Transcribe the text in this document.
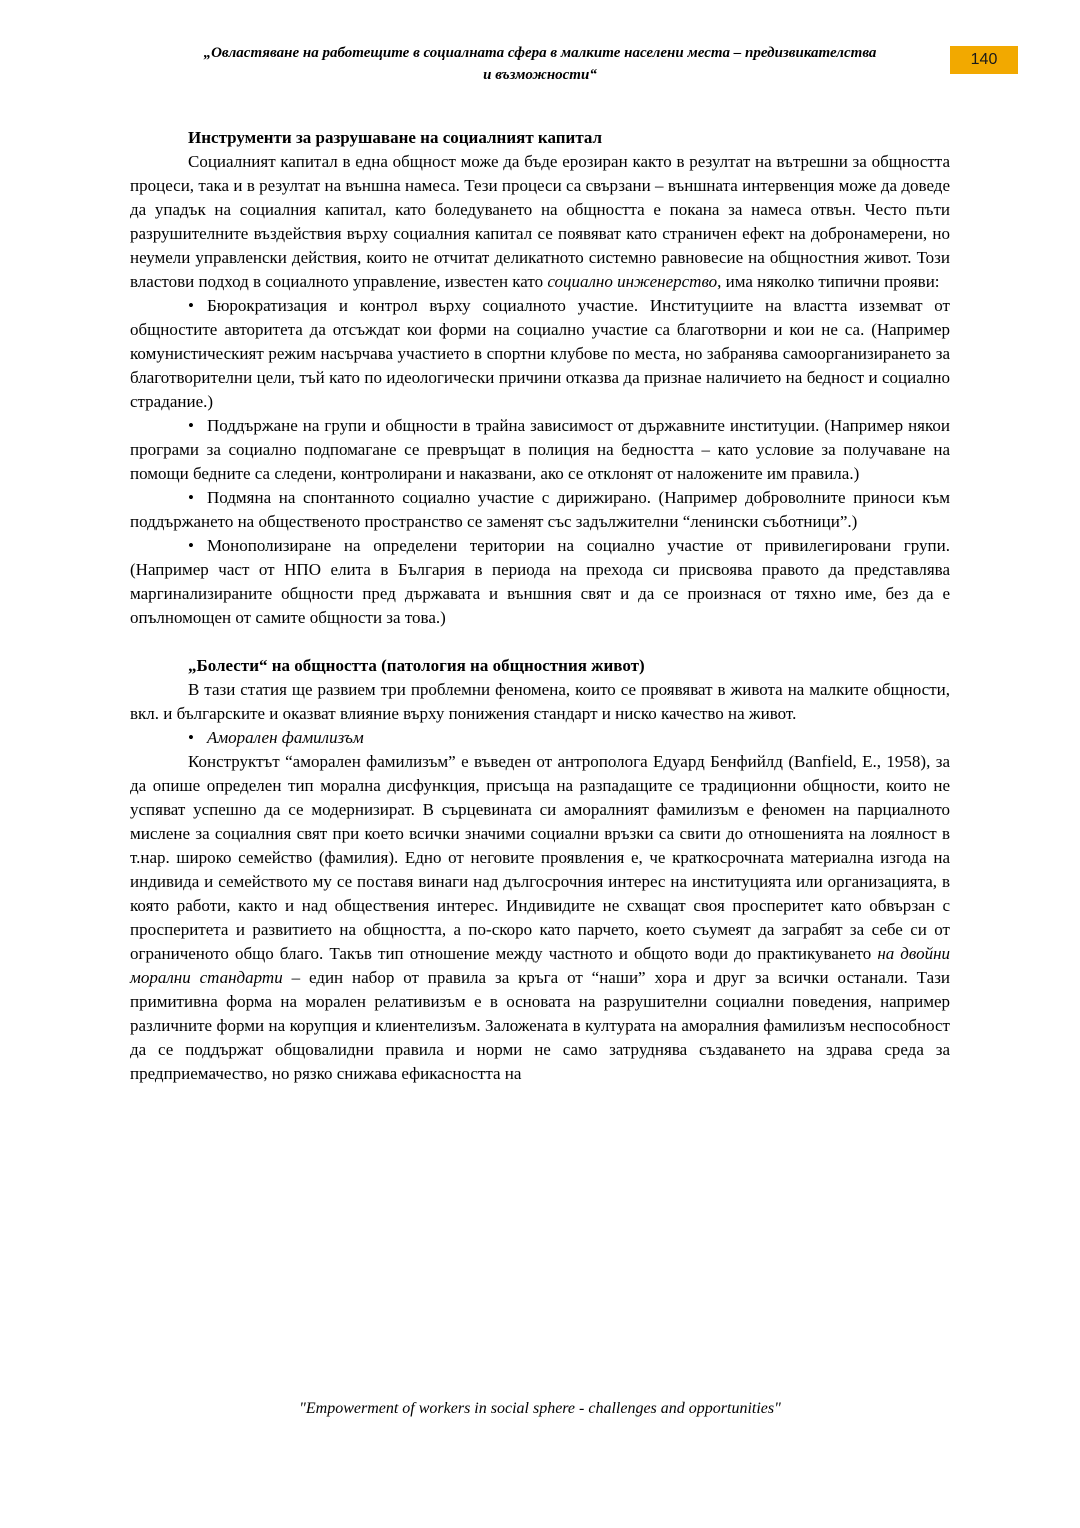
„Овластяване на работещите в социалната сфера в малките населени места – предизвикателства
и възможности“
140

Инструменти за разрушаване на социалният капитал

Социалният капитал в една общност може да бъде ерозиран както в резултат на вътрешни за общността процеси, така и в резултат на външна намеса. Тези процеси са свързани – външната интервенция може да доведе да упадък на социалния капитал, като боледуването на общността е покана за намеса отвън. Често пъти разрушителните въздействия върху социалния капитал се появяват като страничен ефект на добронамерени, но неумели управленски действия, които не отчитат деликатното системно равновесие на общностния живот. Този властови подход в социалното управление, известен като социално инженерство, има няколко типични прояви:

• Бюрократизация и контрол върху социалното участие. Институциите на властта изземват от общностите авторитета да отсъждат кои форми на социално участие са благотворни и кои не са. (Например комунистическият режим насърчава участието в спортни клубове по места, но забранява самоорганизирането за благотворителни цели, тъй като по идеологически причини отказва да признае наличието на бедност и социално страдание.)

• Поддържане на групи и общности в трайна зависимост от държавните институции. (Например някои програми за социално подпомагане се превръщат в полиция на бедността – като условие за получаване на помощи бедните са следени, контролирани и наказвани, ако се отклонят от наложените им правила.)

• Подмяна на спонтанното социално участие с дирижирано. (Например доброволните приноси към поддържането на общественото пространство се заменят със задължителни “ленински съботници”.)

• Монополизиране на определени територии на социално участие от привилегировани групи. (Например част от НПО елита в България в периода на прехода си присвоява правото да представлява маргинализираните общности пред държавата и външния свят и да се произнася от тяхно име, без да е опълномощен от самите общности за това.)

„Болести“ на общността (патология на общностния живот)

В тази статия ще развием три проблемни феномена, които се проявяват в живота на малките общности, вкл. и българските и оказват влияние върху понижения стандарт и ниско качество на живот.

• Аморален фамилизъм

Конструктът “аморален фамилизъм” е въведен от антрополога Едуард Бенфийлд (Banfield, E., 1958), за да опише определен тип морална дисфункция, присъща на разпадащите се традиционни общности, които не успяват успешно да се модернизират. В сърцевината си аморалният фамилизъм е феномен на парциалното мислене за социалния свят при което всички значими социални връзки са свити до отношенията на лоялност в т.нар. широко семейство (фамилия). Едно от неговите проявления е, че краткосрочната материална изгода на индивида и семейството му се поставя винаги над дългосрочния интерес на институцията или организацията, в която работи, както и над обществения интерес. Индивидите не схващат своя просперитет като обвързан с просперитета и развитието на общността, а по-скоро като парчето, което съумеят да заграбят за себе си от ограниченото общо благо. Такъв тип отношение между частното и общото води до практикуването на двойни морални стандарти – един набор от правила за кръга от “наши” хора и друг за всички останали. Тази примитивна форма на морален релативизъм е в основата на разрушителни социални поведения, например различните форми на корупция и клиентелизъм. Заложената в културата на аморалния фамилизъм неспособност да се поддържат общовалидни правила и норми не само затруднява създаването на здрава среда за предприемачество, но рязко снижава ефикасността на

"Empowerment of workers in social sphere - challenges and opportunities"
